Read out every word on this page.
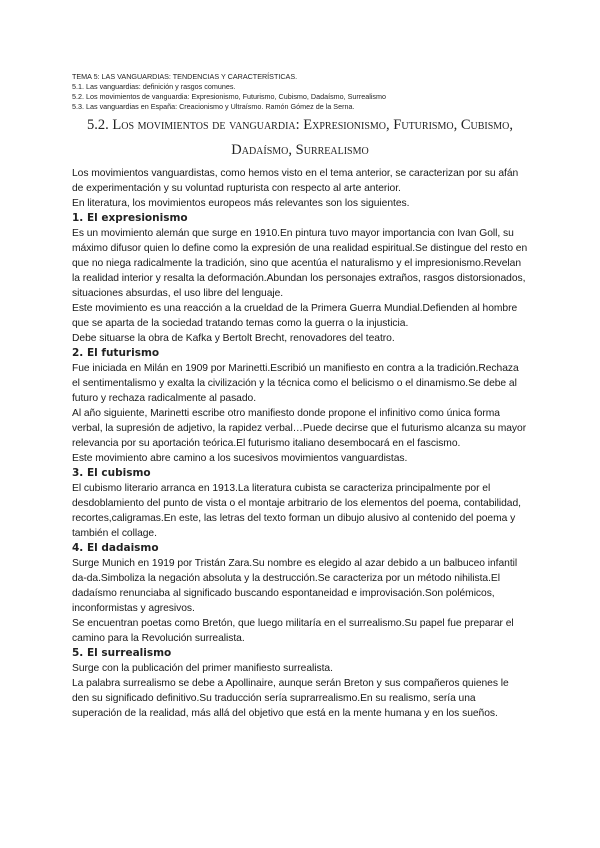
TEMA 5: LAS VANGUARDIAS: TENDENCIAS Y CARACTERÍSTICAS.
5.1. Las vanguardias: definición y rasgos comunes.
5.2. Los movimientos de vanguardia: Expresionismo, Futurismo, Cubismo, Dadaísmo, Surrealismo
5.3. Las vanguardias en España: Creacionismo y Ultraísmo. Ramón Gómez de la Serna.
5.2. Los movimientos de vanguardia: Expresionismo, Futurismo, Cubismo,
Dadaísmo, Surrealismo

Los movimientos vanguardistas, como hemos visto en el tema anterior, se caracterizan por su afán de experimentación y su voluntad rupturista con respecto al arte anterior.

En literatura, los movimientos europeos más relevantes son los siguientes.

1. El expresionismo

Es un movimiento alemán que surge en 1910.En pintura tuvo mayor importancia con Ivan Goll, su máximo difusor quien lo define como la expresión de una realidad espiritual.Se distingue del resto en que no niega radicalmente la tradición, sino que acentúa el naturalismo y el impresionismo.Revelan la realidad interior y resalta la deformación.Abundan los personajes extraños, rasgos distorsionados, situaciones absurdas, el uso libre del lenguaje.

Este movimiento es una reacción a la crueldad de la Primera Guerra Mundial.Defienden al hombre que se aparta de la sociedad tratando temas como la guerra o la injusticia.

Debe situarse la obra de Kafka y Bertolt Brecht, renovadores del teatro.

2. El futurismo

Fue iniciada en Milán en 1909 por Marinetti.Escribió un manifiesto en contra a la tradición.Rechaza el sentimentalismo y exalta la civilización y la técnica como el belicismo o el dinamismo.Se debe al futuro y rechaza radicalmente al pasado.

Al año siguiente, Marinetti escribe otro manifiesto donde propone el infinitivo como única forma verbal, la supresión de adjetivo, la rapidez verbal…Puede decirse que el futurismo alcanza su mayor relevancia por su aportación teórica.El futurismo italiano desembocará en el fascismo.

Este movimiento abre camino a los sucesivos movimientos vanguardistas.

3. El cubismo

El cubismo literario arranca en 1913.La literatura cubista se caracteriza principalmente por el desdoblamiento del punto de vista o el montaje arbitrario de los elementos del poema, contabilidad, recortes,caligramas.En este, las letras del texto forman un dibujo alusivo al contenido del poema y también el collage.

4. El dadaismo

Surge Munich en 1919 por Tristán Zara.Su nombre es elegido al azar debido a un balbuceo infantil da-da.Simboliza la negación absoluta y la destrucción.Se caracteriza por un método nihilista.El dadaísmo renunciaba al significado buscando espontaneidad e improvisación.Son polémicos, inconformistas y agresivos.

Se encuentran poetas como Bretón, que luego militaría en el surrealismo.Su papel fue preparar el camino para la Revolución surrealista.

5. El surrealismo

Surge con la publicación del primer manifiesto surrealista.

La palabra surrealismo se debe a Apollinaire, aunque serán Breton y sus compañeros quienes le den su significado definitivo.Su traducción sería suprarrealismo.En su realismo, sería una superación de la realidad, más allá del objetivo que está en la mente humana y en los sueños.
